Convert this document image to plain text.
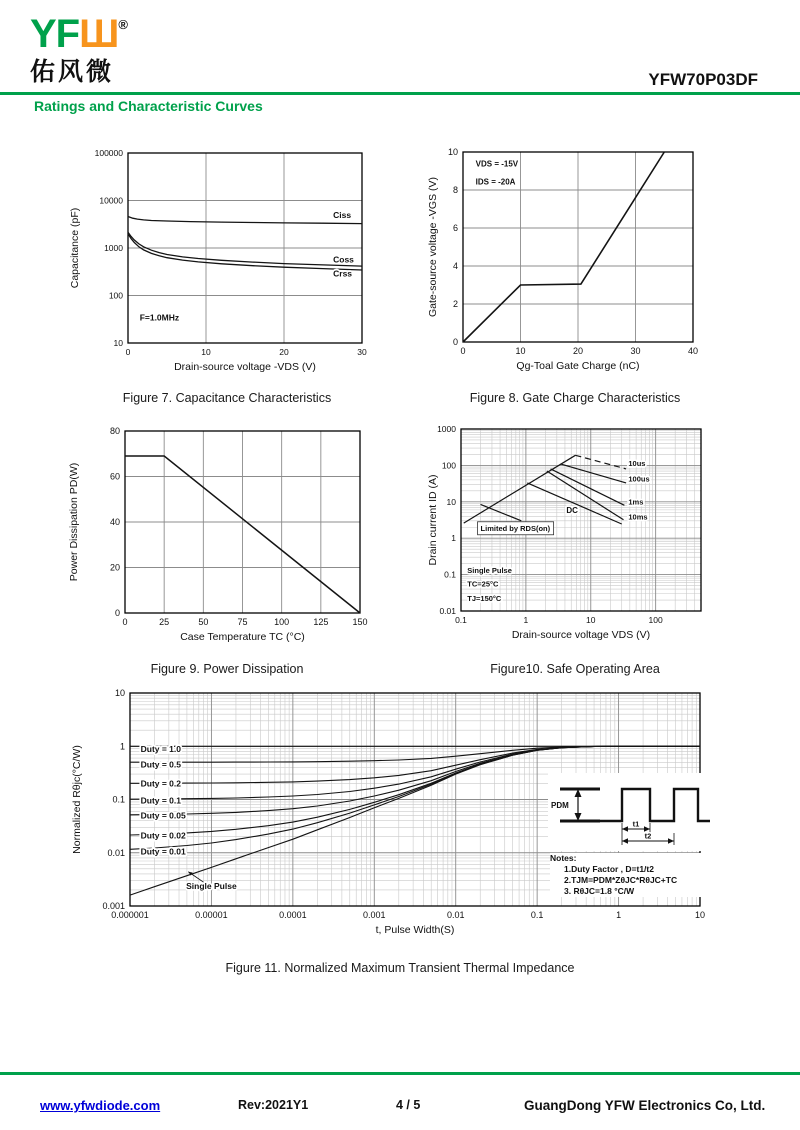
YFШ®
佑风微	YFW70P03DF
Ratings and Characteristic Curves
Ciss
Coss
Crss
F=1.0MHz
0	10	20	30
10
100
1000
10000
100000
Drain-source voltage -VDS (V)
Capacitance (pF)
VDS = -15V
IDS = -20A
0	10	20	30	40
0
2
4
6
8
10
Qg-Toal Gate Charge (nC)
Gate-source voltage -VGS (V)
0	25	50	75	100	125	150
0
20
40
60
80
Case Temperature TC (°C)
Power Dissipation PD(W)	10us
100us
1ms
10ms
DC
Limited by RDS(on)
Single Pulse
TC=25°C
TJ=150°C
0.1	1	10	100
0.01
0.1
1
10
100
1000
Drain-source voltage VDS (V)
Drain current ID (A)
Duty = 1.0
Duty = 0.5
Duty = 0.2
Duty = 0.1
Duty = 0.05
Duty = 0.02
Duty = 0.01
Single Pulse
0.000001	0.00001	0.0001	0.001	0.01	0.1	1	10
0.001
0.01
0.1
1
10
t, Pulse Width(S)
Normalized Rθjc(°C/W)	PDM
t1
t2
Notes:
1.Duty Factor , D=t1/t2
2.TJM=PDM*ZθJC*RθJC+TC
3. RθJC=1.8 °C/W
Figure 7. Capacitance Characteristics	Figure 8. Gate Charge Characteristics
Figure 9. Power Dissipation	Figure10. Safe Operating Area
Figure 11. Normalized Maximum Transient Thermal Impedance
www.yfwdiode.com	Rev:2021Y1	4 / 5	GuangDong YFW Electronics Co, Ltd.
